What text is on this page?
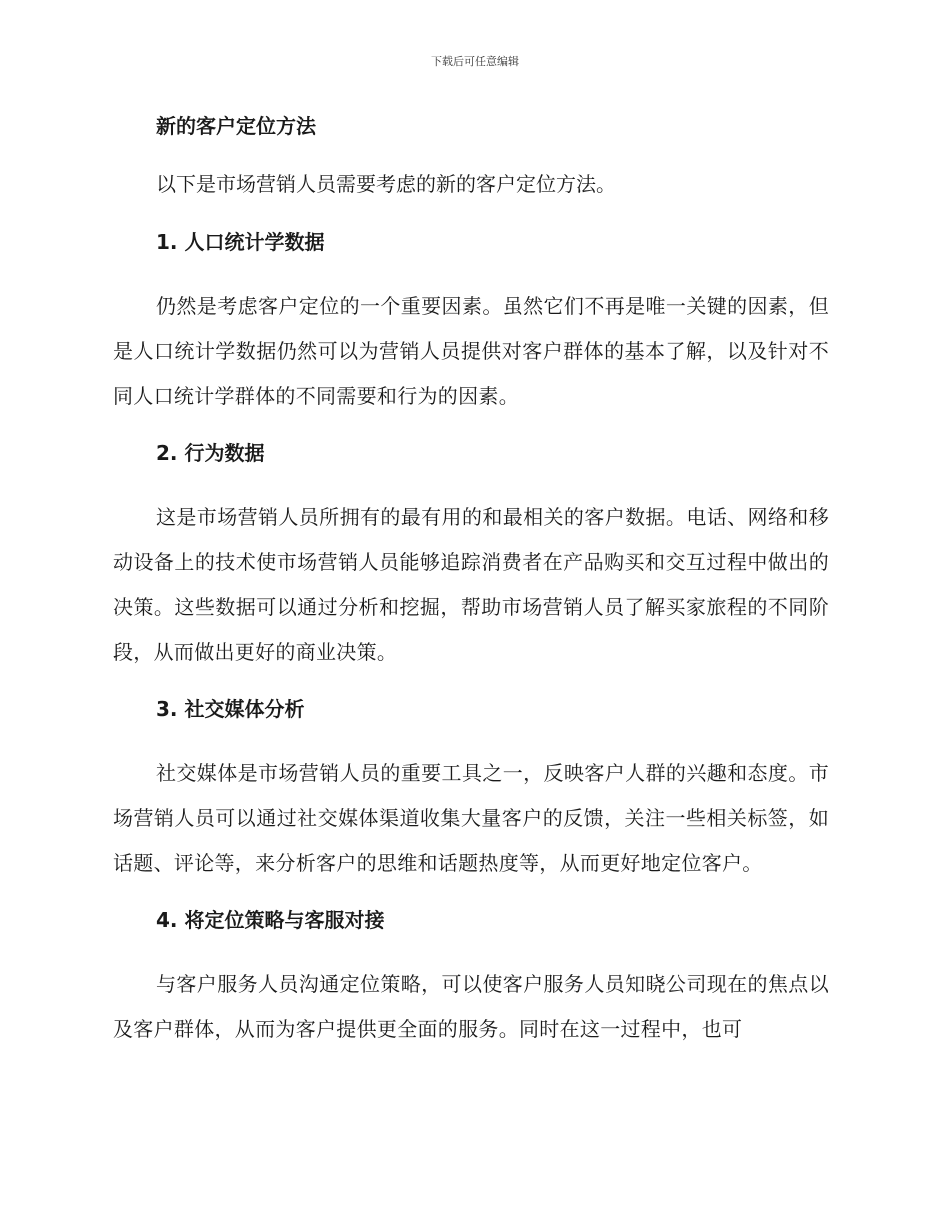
下载后可任意编辑
新的客户定位方法
以下是市场营销人员需要考虑的新的客户定位方法。
1. 人口统计学数据

仍然是考虑客户定位的一个重要因素。虽然它们不再是唯一关键的因素，但是人口统计学数据仍然可以为营销人员提供对客户群体的基本了解，以及针对不同人口统计学群体的不同需要和行为的因素。

2. 行为数据

这是市场营销人员所拥有的最有用的和最相关的客户数据。电话、网络和移动设备上的技术使市场营销人员能够追踪消费者在产品购买和交互过程中做出的决策。这些数据可以通过分析和挖掘，帮助市场营销人员了解买家旅程的不同阶段，从而做出更好的商业决策。

3. 社交媒体分析

社交媒体是市场营销人员的重要工具之一，反映客户人群的兴趣和态度。市场营销人员可以通过社交媒体渠道收集大量客户的反馈，关注一些相关标签，如话题、评论等，来分析客户的思维和话题热度等，从而更好地定位客户。

4. 将定位策略与客服对接

与客户服务人员沟通定位策略，可以使客户服务人员知晓公司现在的焦点以及客户群体，从而为客户提供更全面的服务。同时在这一过程中，也可
